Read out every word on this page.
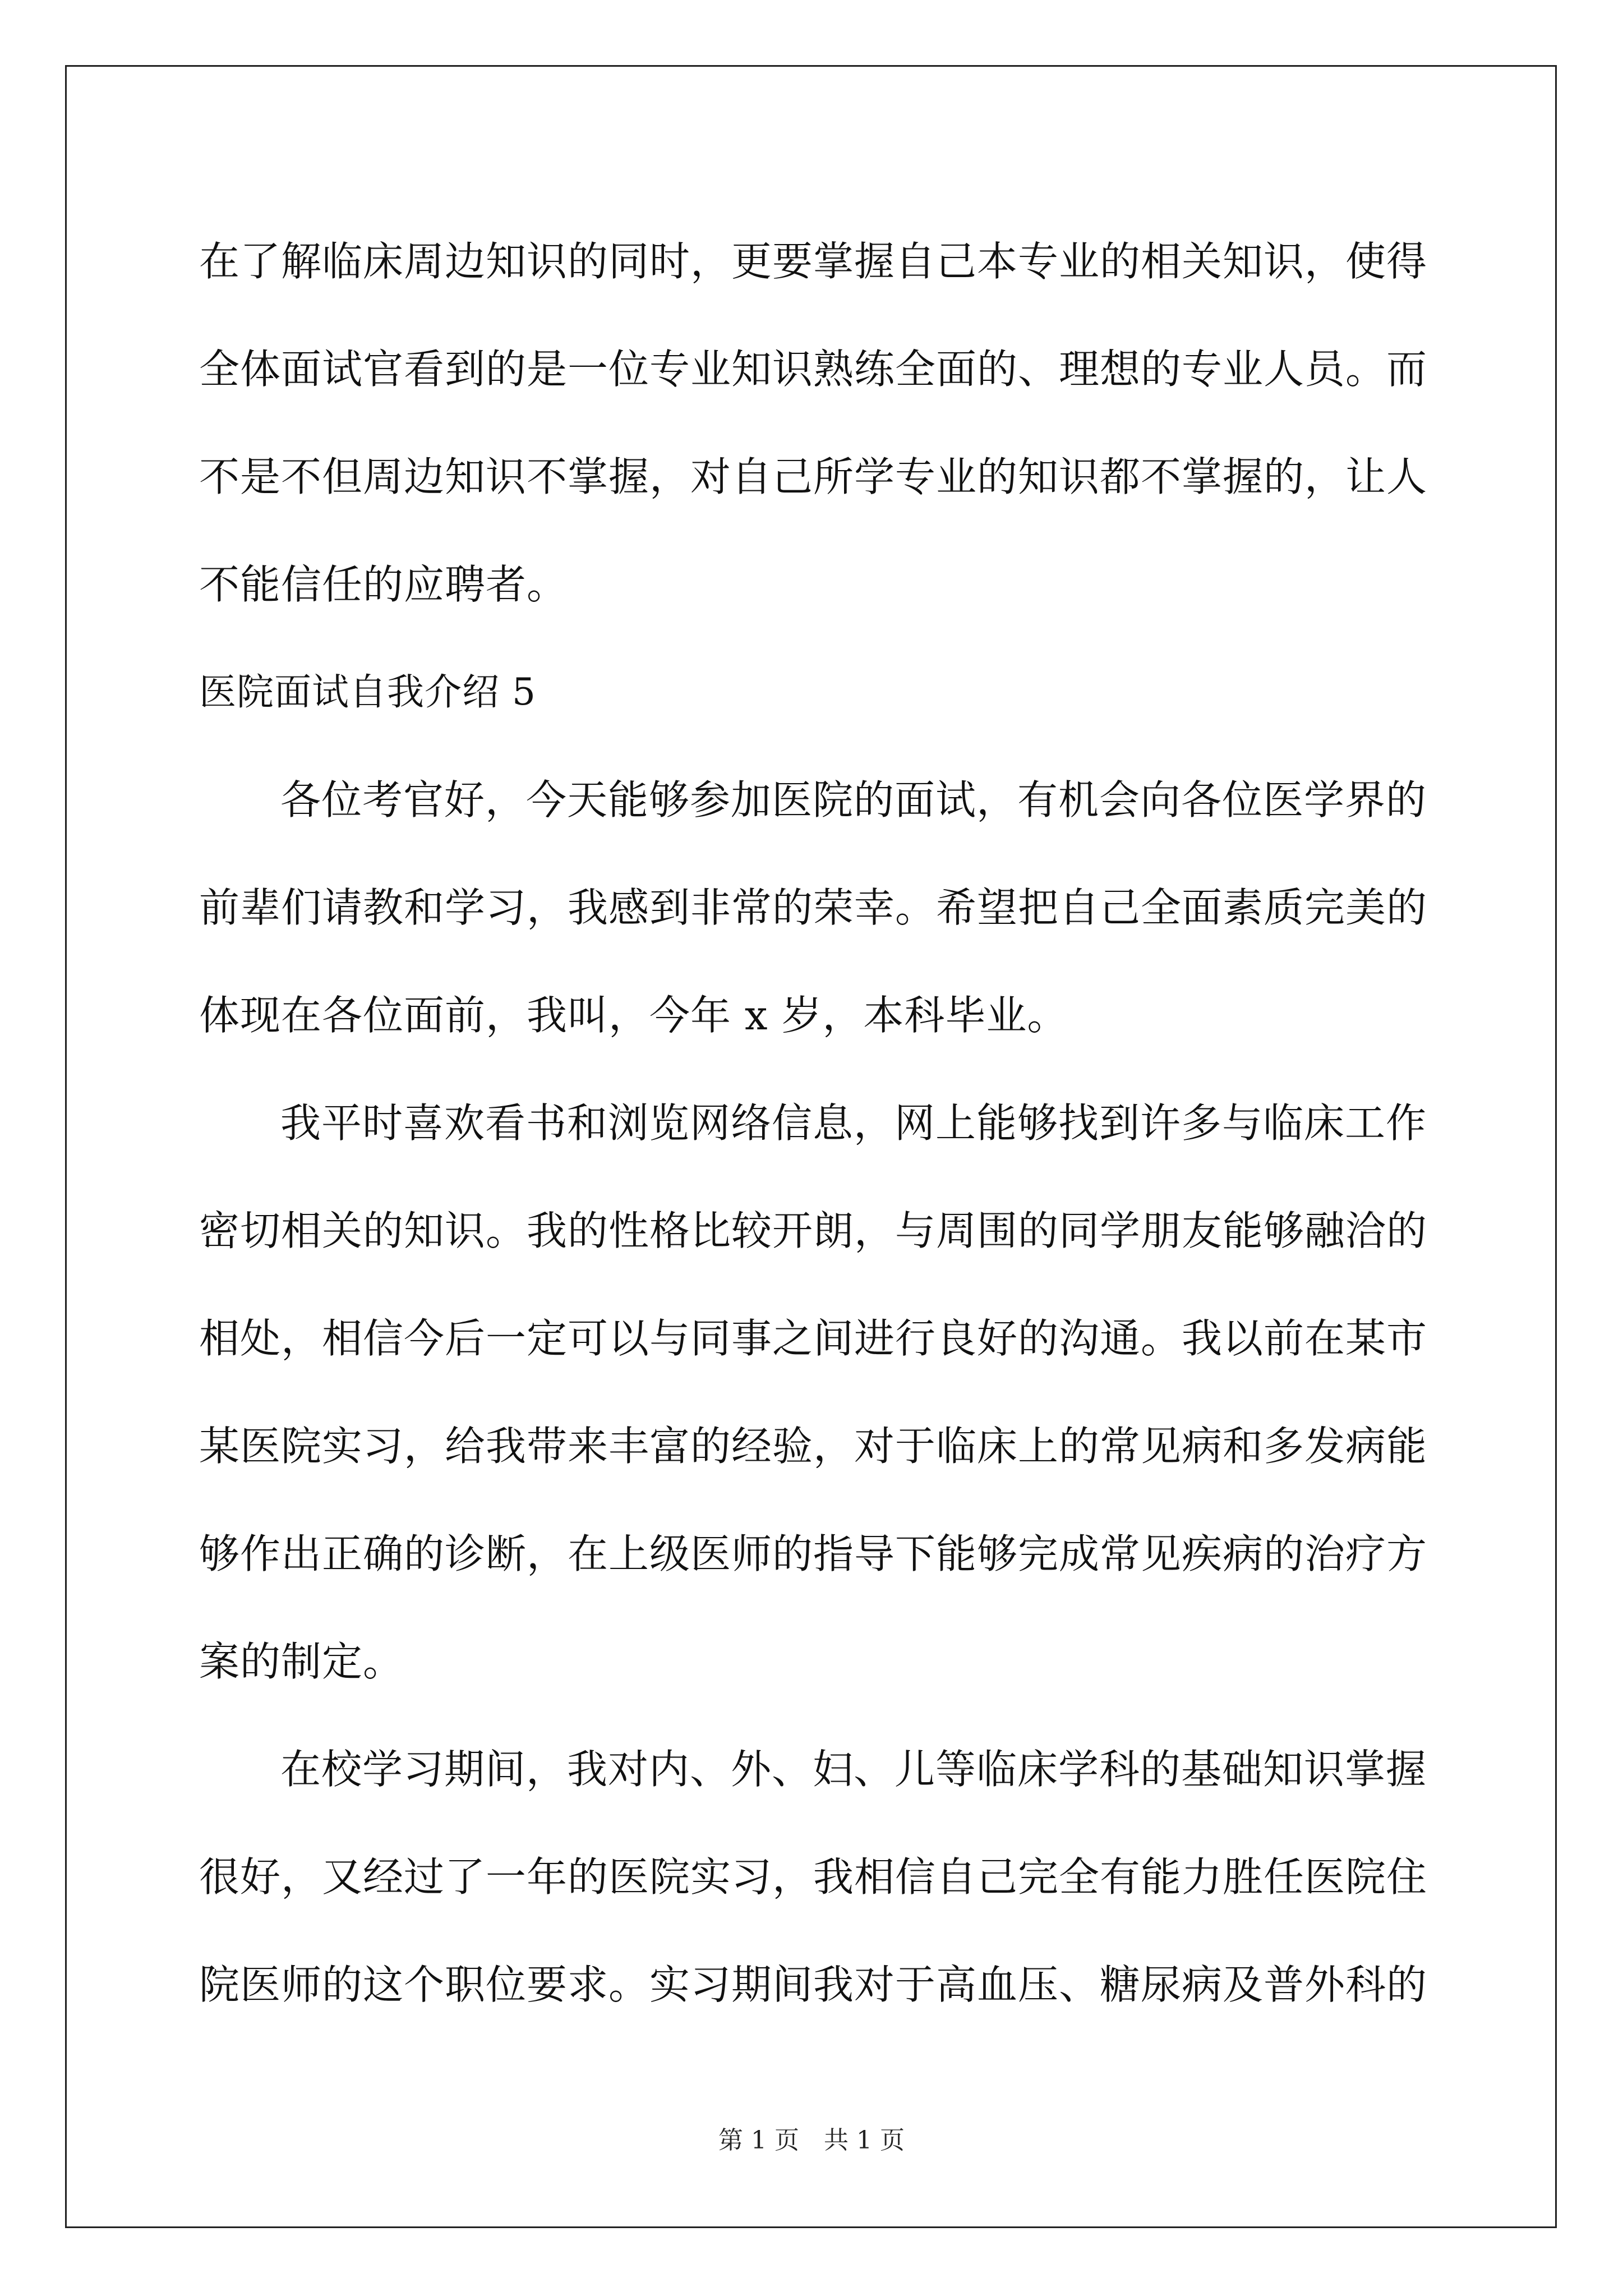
在了解临床周边知识的同时，更要掌握自己本专业的相关知识，使得
全体面试官看到的是一位专业知识熟练全面的、理想的专业人员。而
不是不但周边知识不掌握，对自己所学专业的知识都不掌握的，让人
不能信任的应聘者。
医院面试自我介绍 5
各位考官好，今天能够参加医院的面试，有机会向各位医学界的
前辈们请教和学习，我感到非常的荣幸。希望把自己全面素质完美的
体现在各位面前，我叫，今年 x 岁，本科毕业。
我平时喜欢看书和浏览网络信息，网上能够找到许多与临床工作
密切相关的知识。我的性格比较开朗，与周围的同学朋友能够融洽的
相处，相信今后一定可以与同事之间进行良好的沟通。我以前在某市
某医院实习，给我带来丰富的经验，对于临床上的常见病和多发病能
够作出正确的诊断，在上级医师的指导下能够完成常见疾病的治疗方
案的制定。
在校学习期间，我对内、外、妇、儿等临床学科的基础知识掌握
很好，又经过了一年的医院实习，我相信自己完全有能力胜任医院住
院医师的这个职位要求。实习期间我对于高血压、糖尿病及普外科的
第 1 页　共 1 页
